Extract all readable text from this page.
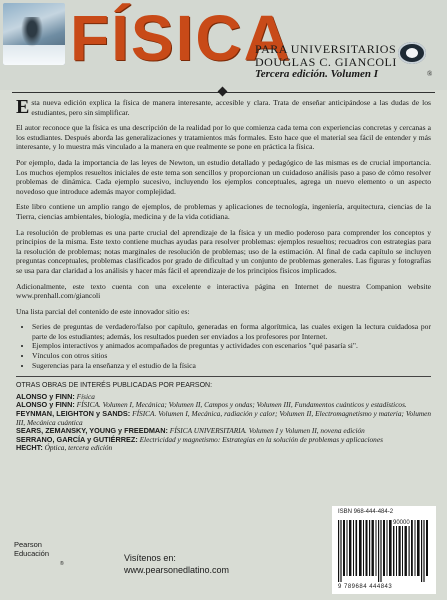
FÍSICA
PARA UNIVERSITARIOS
DOUGLAS C. GIANCOLI
Tercera edición. Volumen I	®

Esta nueva edición explica la física de manera interesante, accesible y clara. Trata de enseñar anticipándose a las dudas de los estudiantes, pero sin simplificar.

El autor reconoce que la física es una descripción de la realidad por lo que comienza cada tema con experiencias concretas y cercanas a los estudiantes. Después aborda las generalizaciones y tratamientos más formales. Esto hace que el material sea fácil de entender y más interesante, y lo muestra más vinculado a la manera en que realmente se pone en práctica la física.

Por ejemplo, dada la importancia de las leyes de Newton, un estudio detallado y pedagógico de las mismas es de crucial importancia. Los muchos ejemplos resueltos iniciales de este tema son sencillos y proporcionan un cuidadoso análisis paso a paso de cómo resolver problemas de dinámica. Cada ejemplo sucesivo, incluyendo los ejemplos conceptuales, agrega un nuevo elemento o un aspecto novedoso que introduce además mayor complejidad.

Este libro contiene un amplio rango de ejemplos, de problemas y aplicaciones de tecnología, ingeniería, arquitectura, ciencias de la Tierra, ciencias ambientales, biología, medicina y de la vida cotidiana.

La resolución de problemas es una parte crucial del aprendizaje de la física y un medio poderoso para comprender los conceptos y principios de la misma. Este texto contiene muchas ayudas para resolver problemas: ejemplos resueltos; recuadros con estrategias para la resolución de problemas; notas marginales de resolución de problemas; uso de la estimación. Al final de cada capítulo se incluyen preguntas conceptuales, problemas clasificados por grado de dificultad y un conjunto de problemas generales. Las figuras y fotografías se usa para dar claridad a los análisis y hacer más fácil el aprendizaje de los principios físicos implicados.

Adicionalmente, este texto cuenta con una excelente e interactiva página en Internet de nuestra Companion website www.prenhall.com/giancoli

Una lista parcial del contenido de este innovador sitio es:

• Series de preguntas de verdadero/falso por capítulo, generadas en forma algorítmica, las cuales exigen la lectura cuidadosa por parte de los estudiantes; además, los resultados pueden ser enviados a los profesores por Internet.
• Ejemplos interactivos y animados acompañados de preguntas y actividades con escenarios "qué pasaría si".
• Vínculos con otros sitios
• Sugerencias para la enseñanza y el estudio de la física
OTRAS OBRAS DE INTERÉS PUBLICADAS POR PEARSON:
ALONSO y FINN: Física
ALONSO y FINN: FÍSICA. Volumen I, Mecánica; Volumen II, Campos y ondas; Volumen III, Fundamentos cuánticos y estadísticos.
FEYNMAN, LEIGHTON y SANDS: FÍSICA. Volumen I, Mecánica, radiación y calor; Volumen II, Electromagnetismo y materia; Volumen III, Mecánica cuántica
SEARS, ZEMANSKY, YOUNG y FREEDMAN: FÍSICA UNIVERSITARIA. Volumen I y Volumen II, novena edición
SERRANO, GARCÍA y GUTIÉRREZ: Electricidad y magnetismo: Estrategias en la solución de problemas y aplicaciones
HECHT: Óptica, tercera edición
Pearson
Educación
®
Visítenos en:
www.pearsonedlatino.com
ISBN 968-444-484-2
90000
9 789684 444843
